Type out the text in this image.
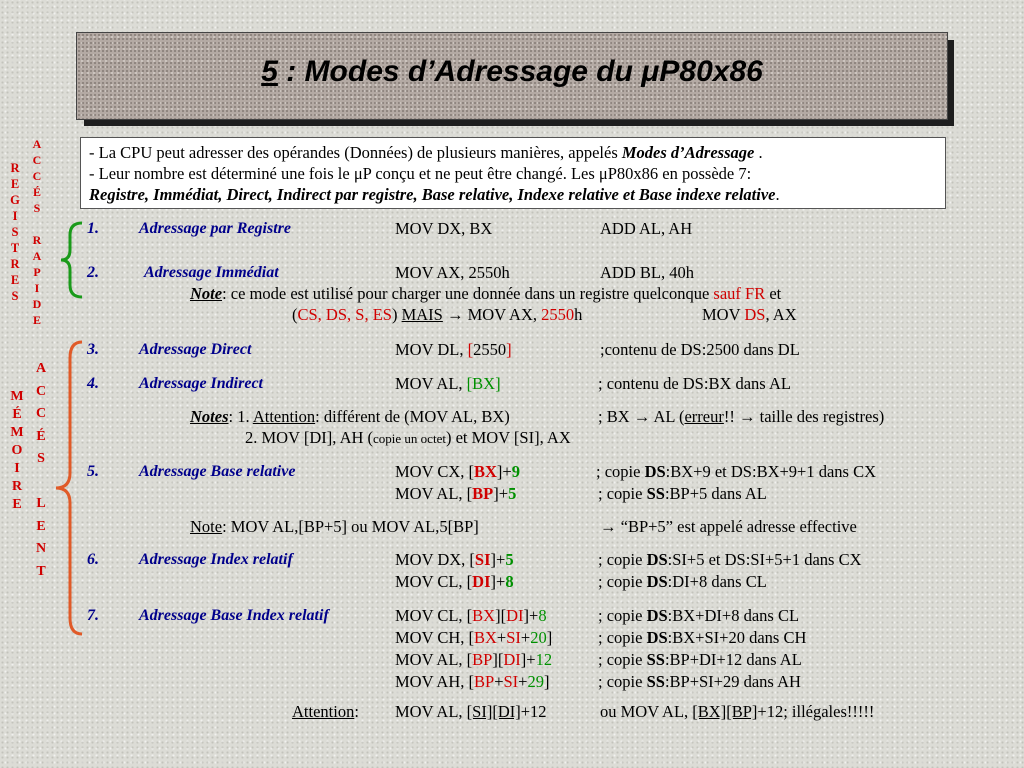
5 : Modes d’Adressage du μP80x86
- La CPU peut adresser des opérandes (Données) de plusieurs manières, appelés Modes d’Adressage .
- Leur nombre est déterminé une fois le μP conçu et ne peut être changé. Les μP80x86 en possède 7:
Registre, Immédiat, Direct, Indirect par registre, Base relative, Indexe relative et Base indexe relative.
R
E
G
I
S
T
R
E
S
A
C
C
É
S
R
A
P
I
D
E
M
É
M
O
I
R
E
A
C
C
É
S
L
E
N
T
1.	Adressage par Registre	MOV DX, BX	ADD AL, AH
2.	Adressage Immédiat	MOV AX, 2550h	ADD BL, 40h
Note: ce mode est utilisé pour charger une donnée dans un registre quelconque sauf FR et
(CS, DS, S, ES) MAIS → MOV AX, 2550h	MOV DS, AX
3.	Adressage Direct	MOV DL, [2550]	;contenu de DS:2500 dans DL
4.	Adressage Indirect	MOV AL, [BX]	; contenu de DS:BX dans AL
Notes: 1. Attention: différent de (MOV AL, BX)	; BX → AL (erreur!! → taille des registres)
2. MOV [DI], AH (copie un octet) et MOV [SI], AX
5.	Adressage Base relative	MOV CX, [BX]+9	; copie DS:BX+9 et DS:BX+9+1 dans CX
MOV AL, [BP]+5	; copie SS:BP+5 dans AL
Note: MOV AL,[BP+5] ou MOV AL,5[BP]	→ “BP+5” est appelé adresse effective
6.	Adressage Index relatif	MOV DX, [SI]+5	; copie DS:SI+5 et DS:SI+5+1 dans CX
MOV CL, [DI]+8	; copie DS:DI+8 dans CL
7.	Adressage Base Index relatif	MOV CL, [BX][DI]+8	; copie DS:BX+DI+8 dans CL
MOV CH, [BX+SI+20]	; copie DS:BX+SI+20 dans CH
MOV AL, [BP][DI]+12	; copie SS:BP+DI+12 dans AL
MOV AH, [BP+SI+29]	; copie SS:BP+SI+29 dans AH
Attention: MOV AL, [SI][DI]+12	ou MOV AL, [BX][BP]+12; illégales!!!!!
